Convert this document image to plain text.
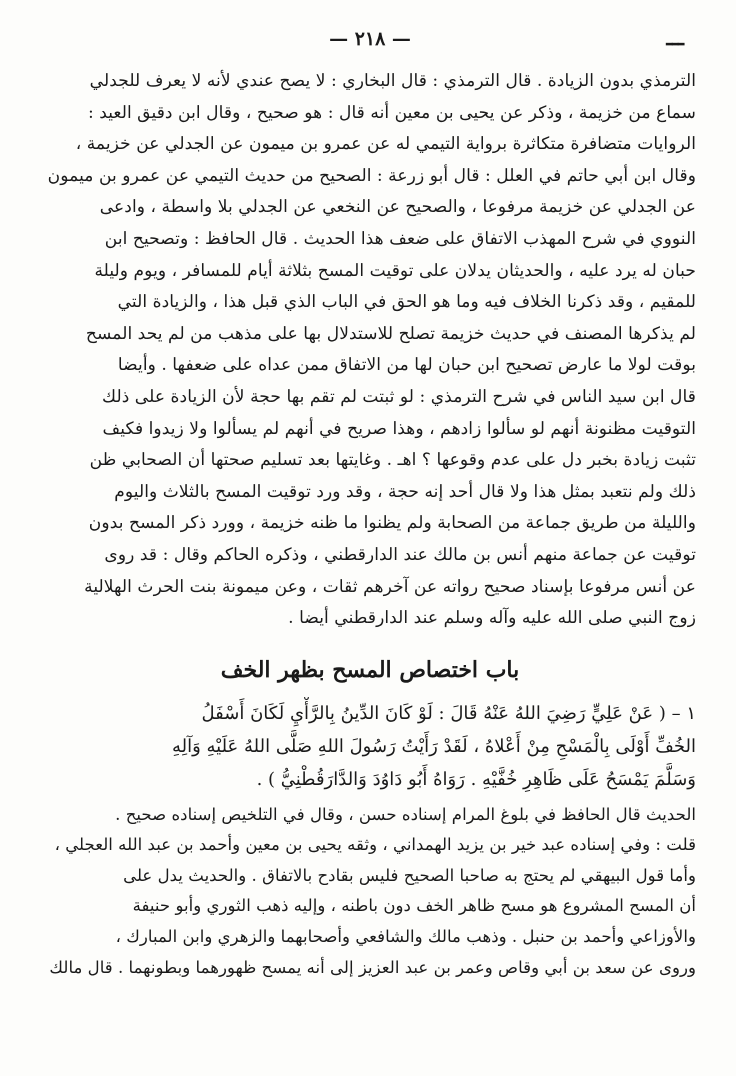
ـــ
— ٢١٨ —
الترمذي بدون الزيادة . قال الترمذي : قال البخاري : لا يصح عندي لأنه لا يعرف للجدلي
سماع من خزيمة ، وذكر عن يحيى بن معين أنه قال : هو صحيح ، وقال ابن دقيق العيد :
الروايات متضافرة متكاثرة برواية التيمي له عن عمرو بن ميمون عن الجدلي عن خزيمة ،
وقال ابن أبي حاتم في العلل : قال أبو زرعة : الصحيح من حديث التيمي عن عمرو بن ميمون
عن الجدلي عن خزيمة مرفوعا ، والصحيح عن النخعي عن الجدلي بلا واسطة ، وادعى
النووي في شرح المهذب الاتفاق على ضعف هذا الحديث . قال الحافظ : وتصحيح ابن
حبان له يرد عليه ، والحديثان يدلان على توقيت المسح بثلاثة أيام للمسافر ، ويوم وليلة
للمقيم ، وقد ذكرنا الخلاف فيه وما هو الحق في الباب الذي قبل هذا ، والزيادة التي
لم يذكرها المصنف في حديث خزيمة تصلح للاستدلال بها على مذهب من لم يحد المسح
بوقت لولا ما عارض تصحيح ابن حبان لها من الاتفاق ممن عداه على ضعفها . وأيضا
قال ابن سيد الناس في شرح الترمذي : لو ثبتت لم تقم بها حجة لأن الزيادة على ذلك
التوقيت مظنونة أنهم لو سألوا زادهم ، وهذا صريح في أنهم لم يسألوا ولا زيدوا فكيف
تثبت زيادة بخبر دل على عدم وقوعها ؟ اهـ . وغايتها بعد تسليم صحتها أن الصحابي ظن
ذلك ولم نتعبد بمثل هذا ولا قال أحد إنه حجة ، وقد ورد توقيت المسح بالثلاث واليوم
والليلة من طريق جماعة من الصحابة ولم يظنوا ما ظنه خزيمة ، وورد ذكر المسح بدون
توقيت عن جماعة منهم أنس بن مالك عند الدارقطني ، وذكره الحاكم وقال : قد روى
عن أنس مرفوعا بإسناد صحيح رواته عن آخرهم ثقات ، وعن ميمونة بنت الحرث الهلالية
زوج النبي صلى الله عليه وآله وسلم عند الدارقطني أيضا .
باب اختصاص المسح بظهر الخف
١ – ( عَنْ عَلِيٍّ رَضِيَ اللهُ عَنْهُ قَالَ : لَوْ كَانَ الدِّينُ بِالرَّأْيِ لَكَانَ أَسْفَلُ
الخُفِّ أَوْلَى بِالْمَسْحِ مِنْ أَعْلاهُ ، لَقَدْ رَأَيْتُ رَسُولَ اللهِ صَلَّى اللهُ عَلَيْهِ وَآلِهِ
وَسَلَّمَ يَمْسَحُ عَلَى ظَاهِرِ خُفَّيْهِ . رَوَاهُ أَبُو دَاوُدَ وَالدَّارَقُطْنِيُّ ) .
الحديث قال الحافظ في بلوغ المرام إسناده حسن ، وقال في التلخيص إسناده صحيح .
قلت : وفي إسناده عبد خير بن يزيد الهمداني ، وثقه يحيى بن معين وأحمد بن عبد الله العجلي ،
وأما قول البيهقي لم يحتج به صاحبا الصحيح فليس بقادح بالاتفاق . والحديث يدل على
أن المسح المشروع هو مسح ظاهر الخف دون باطنه ، وإليه ذهب الثوري وأبو حنيفة
والأوزاعي وأحمد بن حنبل . وذهب مالك والشافعي وأصحابهما والزهري وابن المبارك ،
وروى عن سعد بن أبي وقاص وعمر بن عبد العزيز إلى أنه يمسح ظهورهما وبطونهما . قال مالك
